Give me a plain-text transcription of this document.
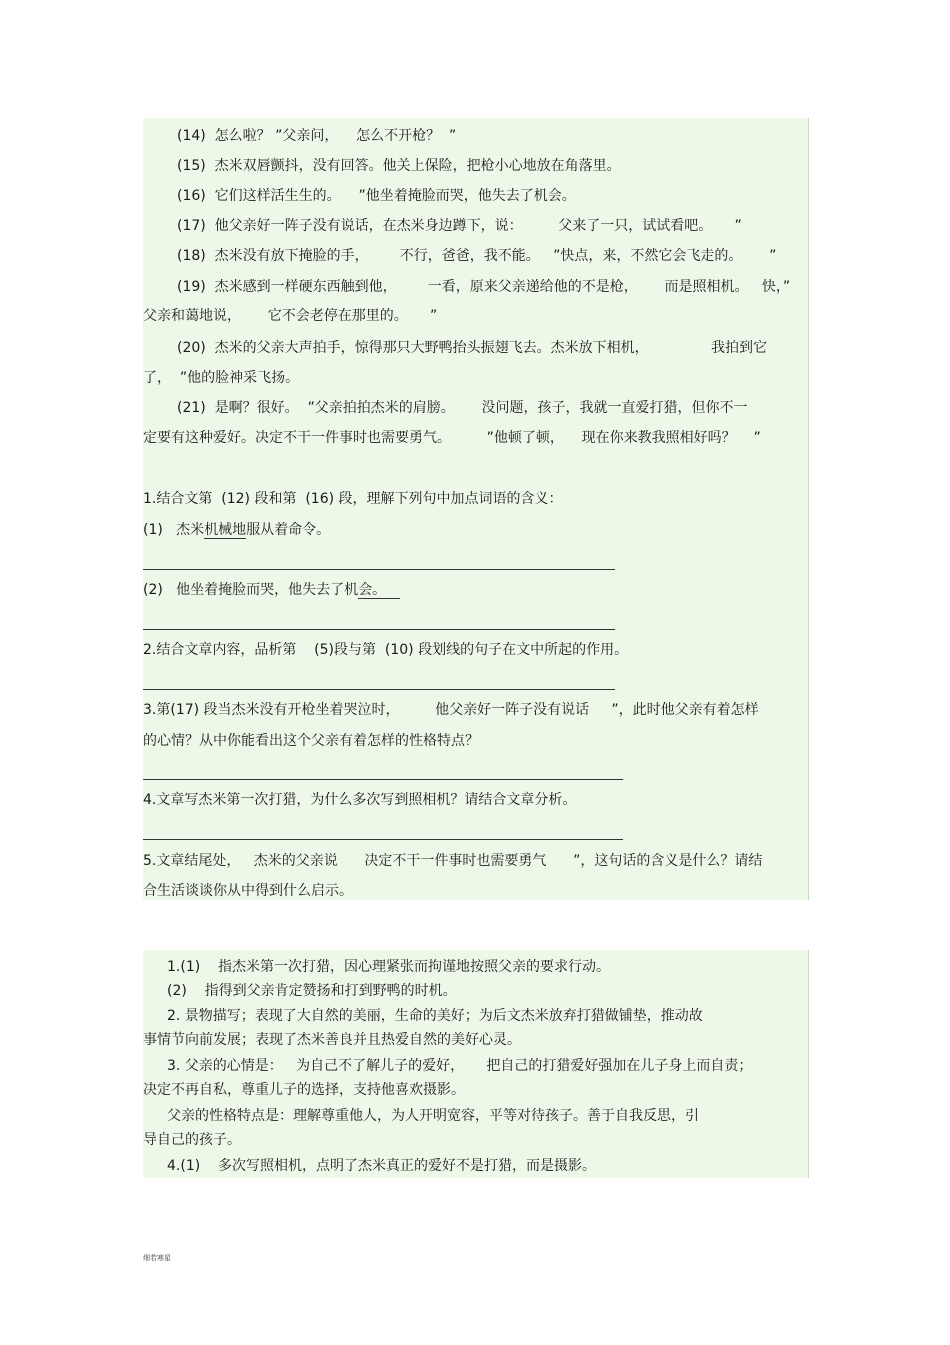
(14)  怎么啦？ ”父亲问，    怎么不开枪？  ”

(15)  杰米双唇颤抖，没有回答。他关上保险，把枪小心地放在角落里。

(16)  它们这样活生生的。    ”他坐着掩脸而哭，他失去了机会。

(17)  他父亲好一阵子没有说话，在杰米身边蹲下，说：        父来了一只，试试看吧。     ”

(18)  杰米没有放下掩脸的手，       不行，爸爸，我不能。   ”快点，来，不然它会飞走的。      ”

(19)  杰米感到一样硬东西触到他，       一看，原来父亲递给他的不是枪，      而是照相机。   快，”

父亲和蔼地说，      它不会老停在那里的。     ”

(20)  杰米的父亲大声拍手，惊得那只大野鸭抬头振翅飞去。杰米放下相机，              我拍到它

了，  ”他的脸神采飞扬。

(21)  是啊？很好。  ”父亲拍拍杰米的肩膀。      没问题，孩子，我就一直爱打猎，但你不一

定要有这种爱好。决定不干一件事时也需要勇气。        ”他顿了顿，    现在你来教我照相好吗？    ”

1.结合文第  (12) 段和第  (16) 段，理解下列句中加点词语的含义：

(1)   杰米机械地服从着命令。

(2)   他坐着掩脸而哭，他失去了机会。

2.结合文章内容，品析第    (5)段与第  (10) 段划线的句子在文中所起的作用。

3.第(17) 段当杰米没有开枪坐着哭泣时，        他父亲好一阵子没有说话     ”，此时他父亲有着怎样

的心情？从中你能看出这个父亲有着怎样的性格特点？

4.文章写杰米第一次打猎，为什么多次写到照相机？请结合文章分析。

5.文章结尾处，   杰米的父亲说      决定不干一件事时也需要勇气      ”，这句话的含义是什么？请结

合生活谈谈你从中得到什么启示。

1.(1)    指杰米第一次打猎，因心理紧张而拘谨地按照父亲的要求行动。

(2)    指得到父亲肯定赞扬和打到野鸭的时机。

2. 景物描写；表现了大自然的美丽，生命的美好；为后文杰米放弃打猎做铺垫，推动故

事情节向前发展；表现了杰米善良并且热爱自然的美好心灵。

3. 父亲的心情是：   为自己不了解儿子的爱好，     把自己的打猎爱好强加在儿子身上而自责；

决定不再自私，尊重儿子的选择，支持他喜欢摄影。

父亲的性格特点是：理解尊重他人，为人开明宽容，平等对待孩子。善于自我反思，引

导自己的孩子。

4.(1)    多次写照相机，点明了杰米真正的爱好不是打猎，而是摄影。

细若寒星
